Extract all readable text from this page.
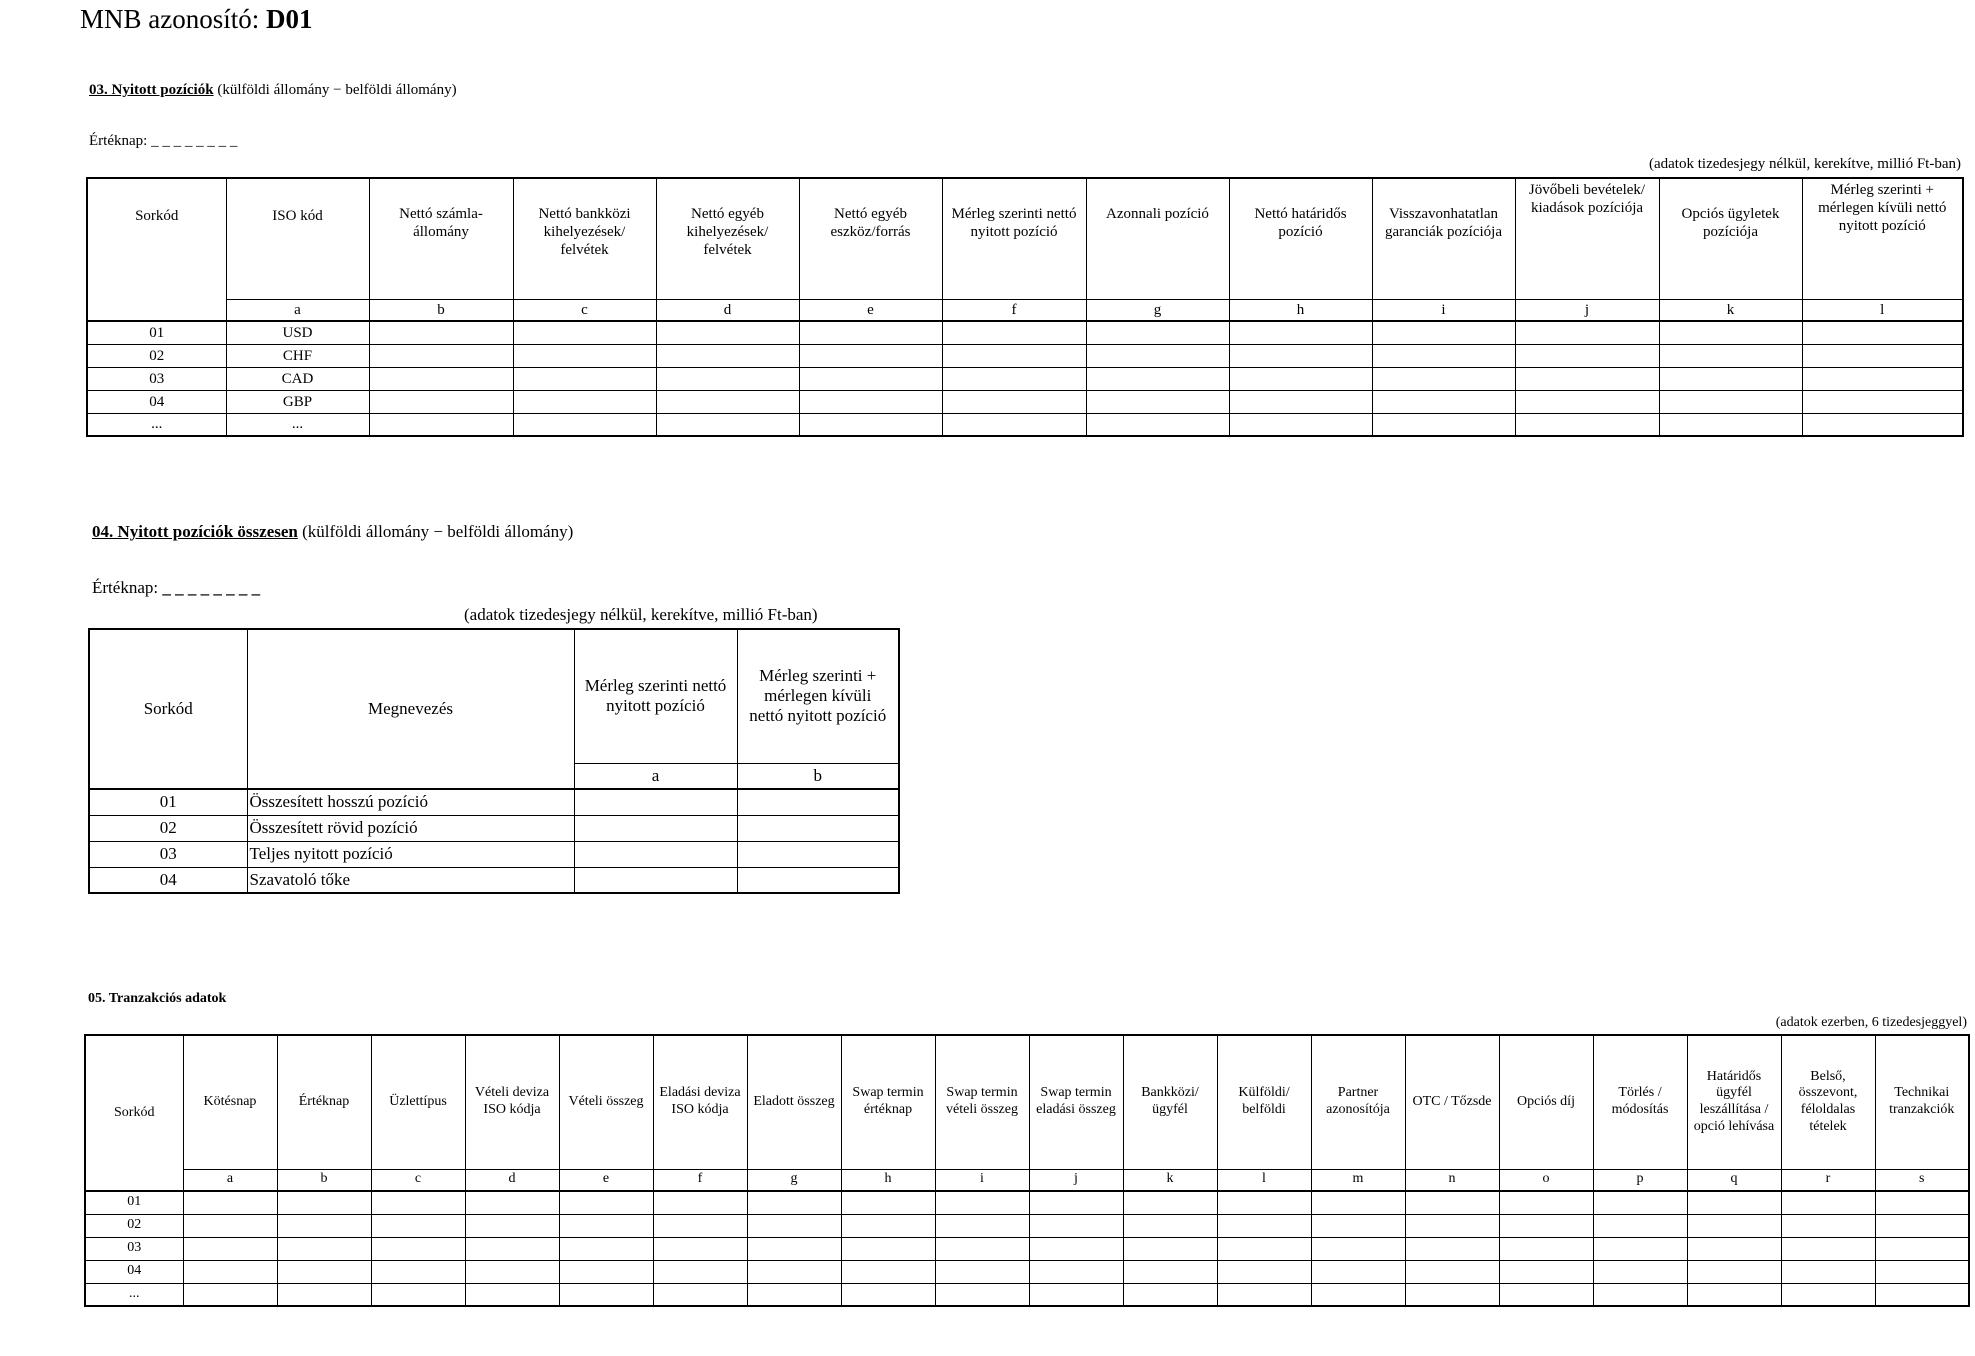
MNB azonosító: D01
03. Nyitott pozíciók (külföldi állomány − belföldi állomány)
Értéknap: _ _ _ _ _ _ _ _
(adatok tizedesjegy nélkül, kerekítve, millió Ft-ban)
Sorkód	ISO kód	Nettó számla-állomány	Nettó bankközi kihelyezések/ felvétek	Nettó egyéb kihelyezések/ felvétek	Nettó egyéb eszköz/forrás	Mérleg szerinti nettó nyitott pozíció	Azonnali pozíció	Nettó határidős pozíció	Visszavonhatatlan garanciák pozíciója	Jövőbeli bevételek/ kiadások pozíciója	Opciós ügyletek pozíciója	Mérleg szerinti + mérlegen kívüli nettó nyitott pozíció
	a	b	c	d	e	f	g	h	i	j	k	l
01	USD											
02	CHF											
03	CAD											
04	GBP											
...	...											
04. Nyitott pozíciók összesen (külföldi állomány − belföldi állomány)
Értéknap: _ _ _ _ _ _ _ _
(adatok tizedesjegy nélkül, kerekítve, millió Ft-ban)
Sorkód	Megnevezés	Mérleg szerinti nettó nyitott pozíció	Mérleg szerinti + mérlegen kívüli nettó nyitott pozíció
		a	b
01	Összesített hosszú pozíció		
02	Összesített rövid pozíció		
03	Teljes nyitott pozíció		
04	Szavatoló tőke		
05. Tranzakciós adatok
(adatok ezerben, 6 tizedesjeggyel)
Sorkód	Kötésnap	Értéknap	Üzlettípus	Vételi deviza ISO kódja	Vételi összeg	Eladási deviza ISO kódja	Eladott összeg	Swap termin értéknap	Swap termin vételi összeg	Swap termin eladási összeg	Bankközi/ ügyfél	Külföldi/ belföldi	Partner azonosítója	OTC / Tőzsde	Opciós díj	Törlés / módosítás	Határidős ügyfél leszállítása / opció lehívása	Belső, összevont, féloldalas tételek	Technikai tranzakciók
	a	b	c	d	e	f	g	h	i	j	k	l	m	n	o	p	q	r	s
01																			
02																			
03																			
04																			
...																			
